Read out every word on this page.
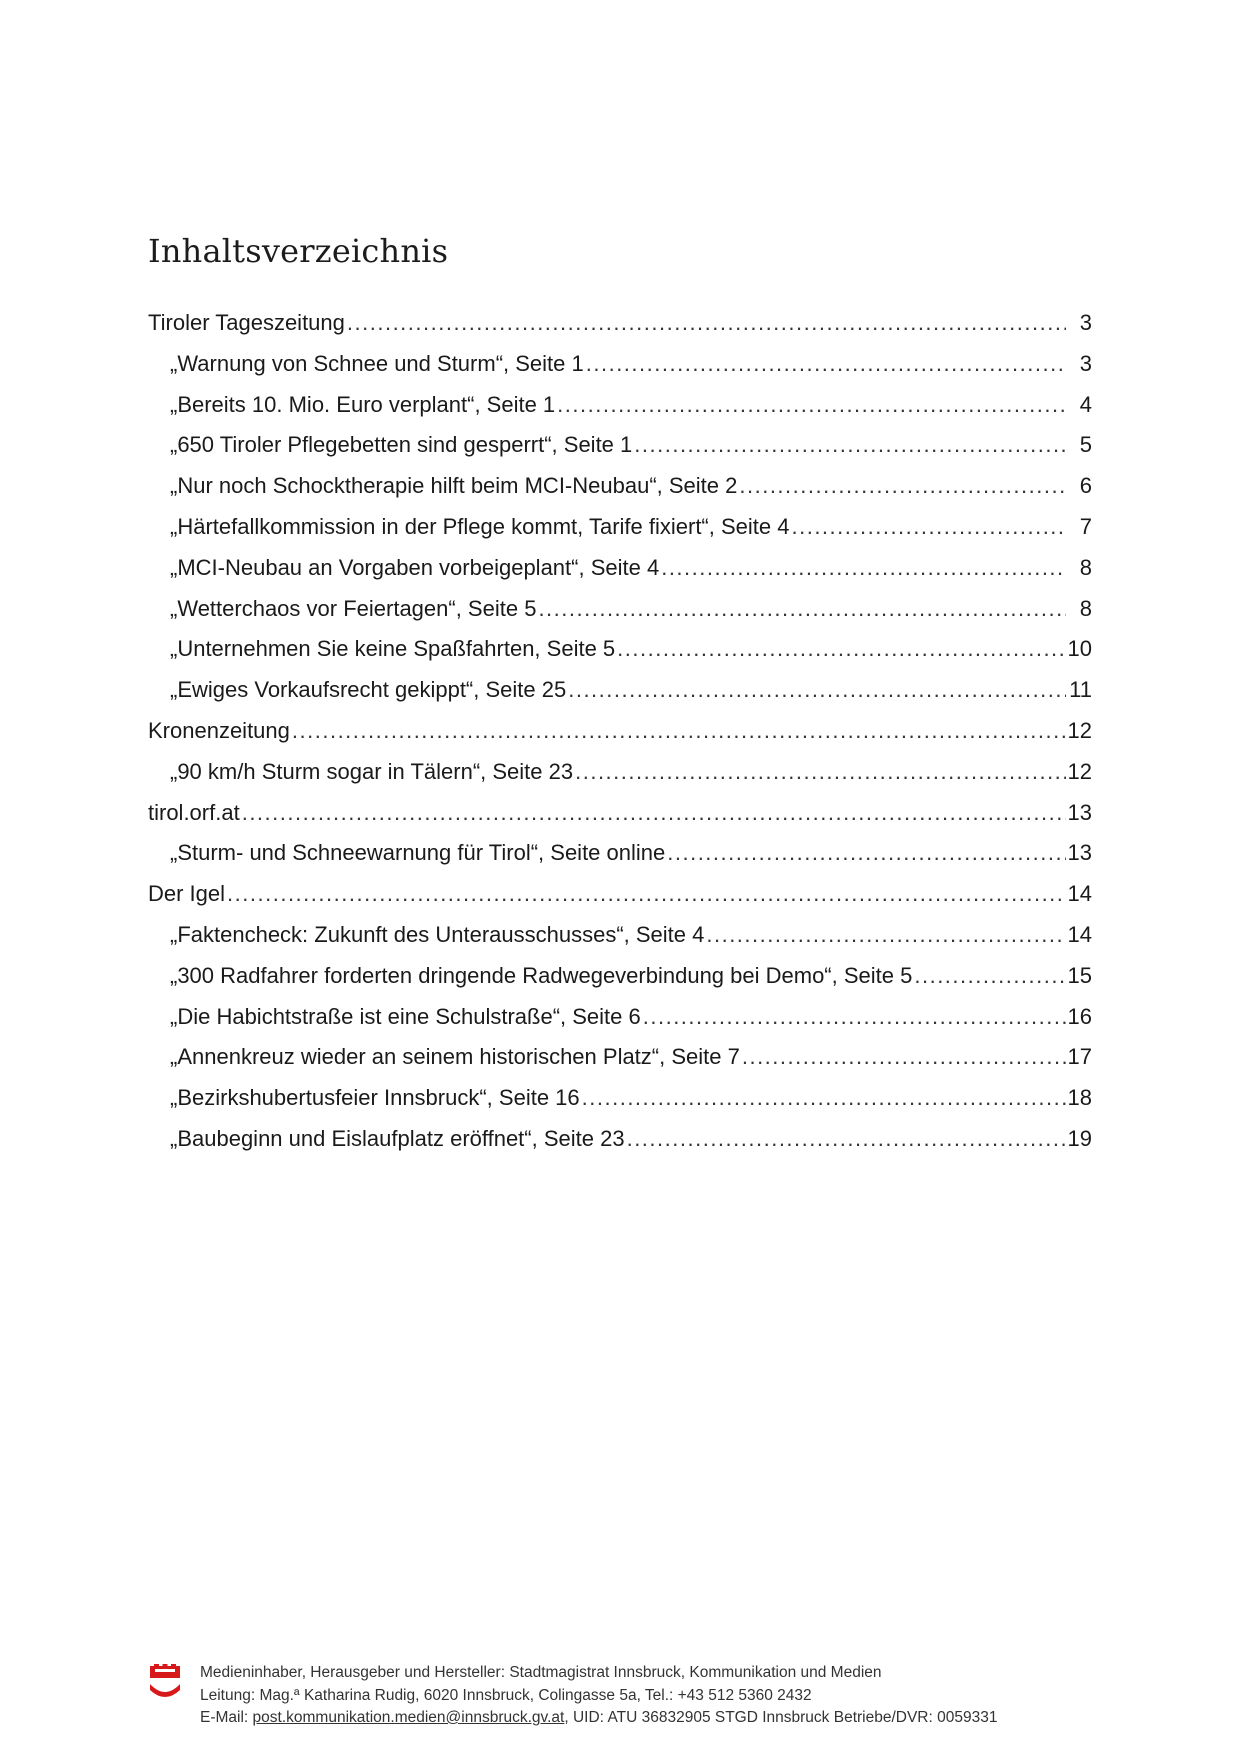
Inhaltsverzeichnis
Tiroler Tageszeitung .....	3
„Warnung von Schnee und Sturm“, Seite 1 .....	3
„Bereits 10. Mio. Euro verplant“, Seite 1 .....	4
„650 Tiroler Pflegebetten sind gesperrt“, Seite 1 .....	5
„Nur noch Schocktherapie hilft beim MCI-Neubau“, Seite 2 .....	6
„Härtefallkommission in der Pflege kommt, Tarife fixiert“, Seite 4 .....	7
„MCI-Neubau an Vorgaben vorbeigeplant“, Seite 4 .....	8
„Wetterchaos vor Feiertagen“, Seite 5 .....	8
„Unternehmen Sie keine Spaßfahrten, Seite 5 .....	10
„Ewiges Vorkaufsrecht gekippt“, Seite 25 .....	11
Kronenzeitung .....	12
„90 km/h Sturm sogar in Tälern“, Seite 23 .....	12
tirol.orf.at .....	13
„Sturm- und Schneewarnung für Tirol“, Seite online .....	13
Der Igel .....	14
„Faktencheck: Zukunft des Unterausschusses“, Seite 4 .....	14
„300 Radfahrer forderten dringende Radwegeverbindung bei Demo“, Seite 5 .....	15
„Die Habichtstraße ist eine Schulstraße“, Seite 6 .....	16
„Annenkreuz wieder an seinem historischen Platz“, Seite 7 .....	17
„Bezirkshubertusfeier Innsbruck“, Seite 16 .....	18
„Baubeginn und Eislaufplatz eröffnet“, Seite 23 .....	19
Medieninhaber, Herausgeber und Hersteller: Stadtmagistrat Innsbruck, Kommunikation und Medien
Leitung: Mag.ª Katharina Rudig, 6020 Innsbruck, Colingasse 5a, Tel.: +43 512 5360 2432
E-Mail: post.kommunikation.medien@innsbruck.gv.at, UID: ATU 36832905 STGD Innsbruck Betriebe/DVR: 0059331
